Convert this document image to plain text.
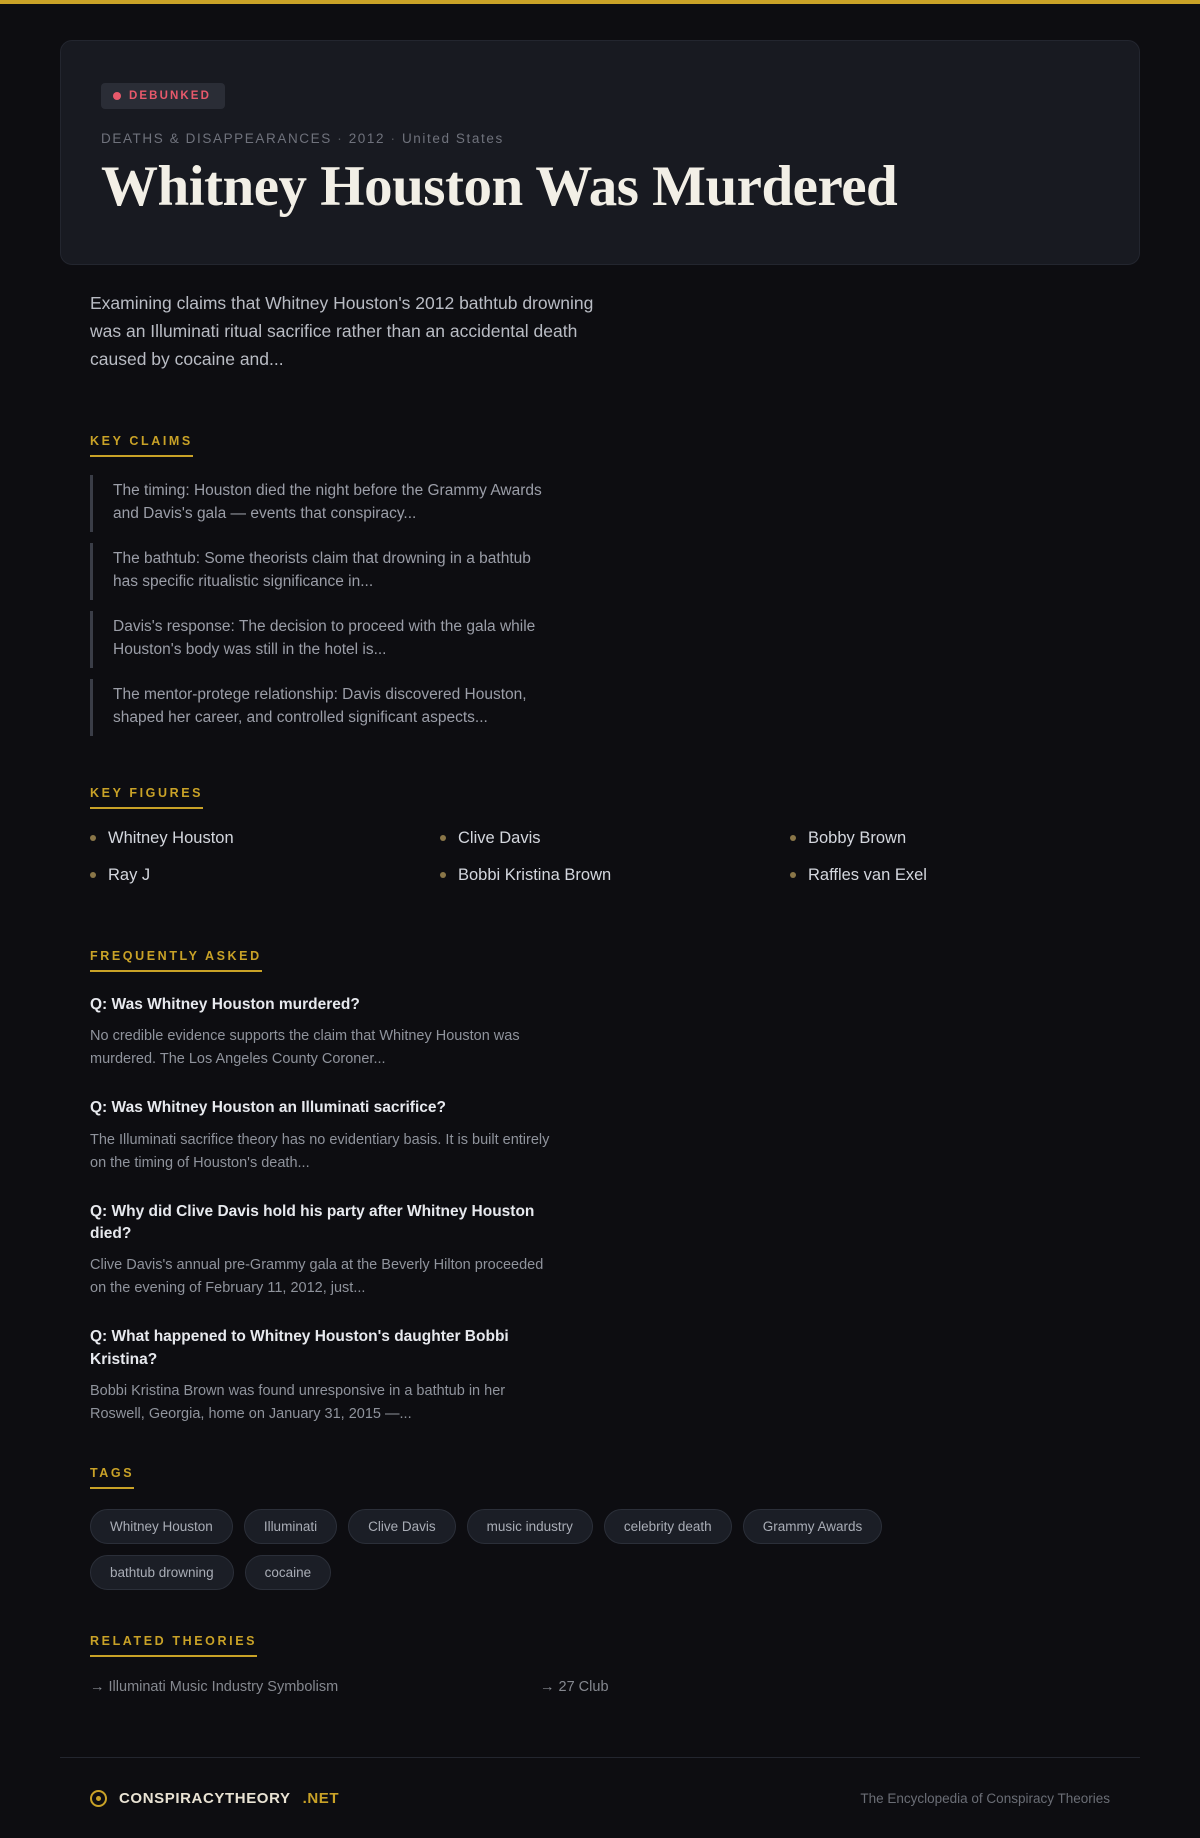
DEBUNKED
DEATHS & DISAPPEARANCES · 2012 · United States
Whitney Houston Was Murdered

Examining claims that Whitney Houston's 2012 bathtub drowning was an Illuminati ritual sacrifice rather than an accidental death caused by cocaine and...

KEY CLAIMS
The timing: Houston died the night before the Grammy Awards and Davis's gala — events that conspiracy...
The bathtub: Some theorists claim that drowning in a bathtub has specific ritualistic significance in...
Davis's response: The decision to proceed with the gala while Houston's body was still in the hotel is...
The mentor-protege relationship: Davis discovered Houston, shaped her career, and controlled significant aspects...
KEY FIGURES
Whitney Houston	Clive Davis	Bobby Brown
Ray J	Bobbi Kristina Brown	Raffles van Exel
FREQUENTLY ASKED
Q: Was Whitney Houston murdered?
No credible evidence supports the claim that Whitney Houston was murdered. The Los Angeles County Coroner...
Q: Was Whitney Houston an Illuminati sacrifice?
The Illuminati sacrifice theory has no evidentiary basis. It is built entirely on the timing of Houston's death...
Q: Why did Clive Davis hold his party after Whitney Houston died?
Clive Davis's annual pre-Grammy gala at the Beverly Hilton proceeded on the evening of February 11, 2012, just...
Q: What happened to Whitney Houston's daughter Bobbi Kristina?
Bobbi Kristina Brown was found unresponsive in a bathtub in her Roswell, Georgia, home on January 31, 2015 —...
TAGS
Whitney Houston	Illuminati	Clive Davis	music industry	celebrity death	Grammy Awards
bathtub drowning	cocaine
RELATED THEORIES
→ Illuminati Music Industry Symbolism	→ 27 Club
CONSPIRACYTHEORY .NET	The Encyclopedia of Conspiracy Theories
